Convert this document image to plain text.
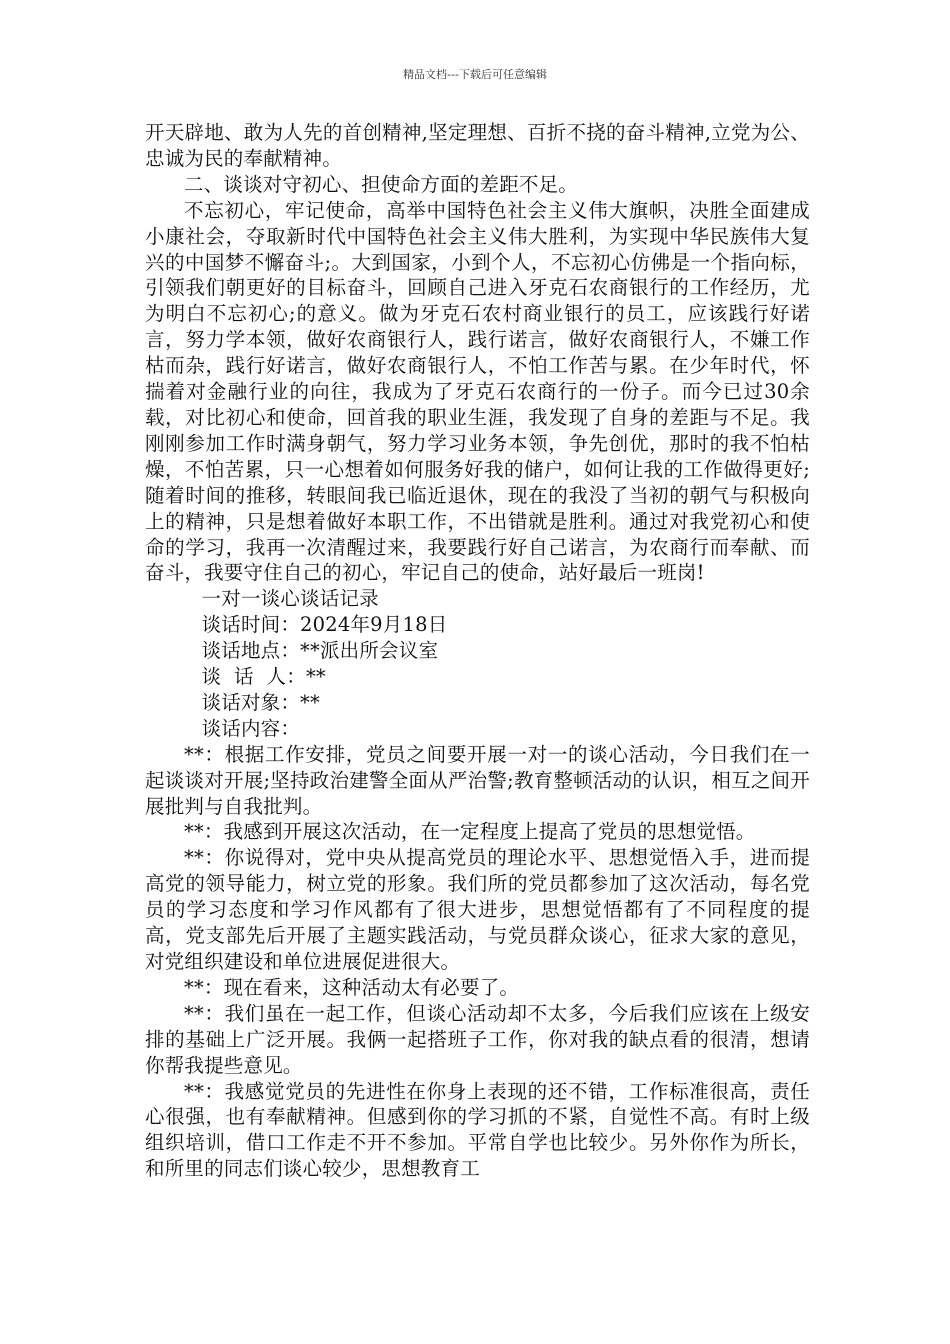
精品文档---下载后可任意编辑

开天辟地、敢为人先的首创精神,坚定理想、百折不挠的奋斗精神,立党为公、忠诚为民的奉献精神。

二、谈谈对守初心、担使命方面的差距不足。

不忘初心，牢记使命，高举中国特色社会主义伟大旗帜，决胜全面建成小康社会，夺取新时代中国特色社会主义伟大胜利，为实现中华民族伟大复兴的中国梦不懈奋斗;。大到国家，小到个人，不忘初心仿佛是一个指向标，引领我们朝更好的目标奋斗，回顾自己进入牙克石农商银行的工作经历，尤为明白不忘初心;的意义。做为牙克石农村商业银行的员工，应该践行好诺言，努力学本领，做好农商银行人，践行诺言，做好农商银行人，不嫌工作枯而杂，践行好诺言，做好农商银行人，不怕工作苦与累。在少年时代，怀揣着对金融行业的向往，我成为了牙克石农商行的一份子。而今已过30余载，对比初心和使命，回首我的职业生涯，我发现了自身的差距与不足。我刚刚参加工作时满身朝气，努力学习业务本领，争先创优，那时的我不怕枯燥，不怕苦累，只一心想着如何服务好我的储户，如何让我的工作做得更好;随着时间的推移，转眼间我已临近退休，现在的我没了当初的朝气与积极向上的精神，只是想着做好本职工作，不出错就是胜利。通过对我党初心和使命的学习，我再一次清醒过来，我要践行好自己诺言，为农商行而奉献、而奋斗，我要守住自己的初心，牢记自己的使命，站好最后一班岗!

一对一谈心谈话记录

谈话时间：2024年9月18日

谈话地点：**派出所会议室

谈  话  人：**

谈话对象：**

谈话内容：

**：根据工作安排，党员之间要开展一对一的谈心活动，今日我们在一起谈谈对开展;坚持政治建警全面从严治警;教育整顿活动的认识，相互之间开展批判与自我批判。

**：我感到开展这次活动，在一定程度上提高了党员的思想觉悟。

**：你说得对，党中央从提高党员的理论水平、思想觉悟入手，进而提高党的领导能力，树立党的形象。我们所的党员都参加了这次活动，每名党员的学习态度和学习作风都有了很大进步，思想觉悟都有了不同程度的提高，党支部先后开展了主题实践活动，与党员群众谈心，征求大家的意见，对党组织建设和单位进展促进很大。

**：现在看来，这种活动太有必要了。

**：我们虽在一起工作，但谈心活动却不太多，今后我们应该在上级安排的基础上广泛开展。我俩一起搭班子工作，你对我的缺点看的很清，想请你帮我提些意见。

**：我感觉党员的先进性在你身上表现的还不错，工作标准很高，责任心很强，也有奉献精神。但感到你的学习抓的不紧，自觉性不高。有时上级组织培训，借口工作走不开不参加。平常自学也比较少。另外你作为所长，和所里的同志们谈心较少，思想教育工
